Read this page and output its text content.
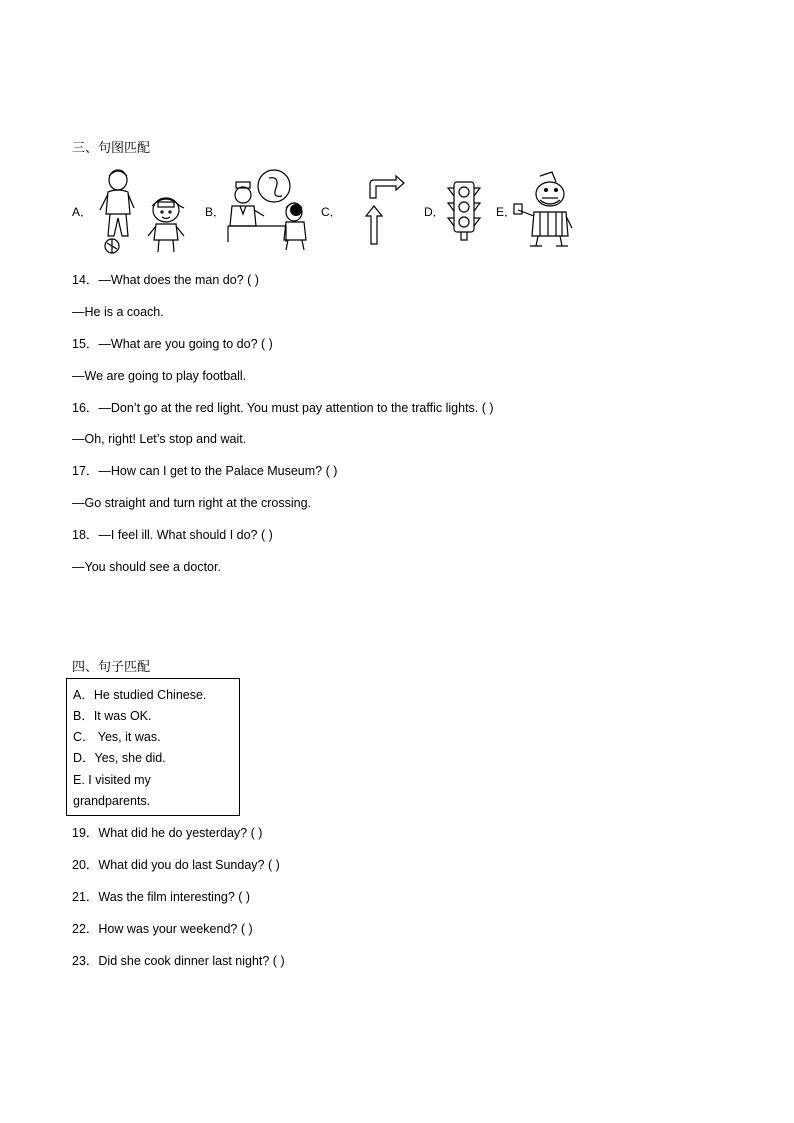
三、句图匹配
A．	B．	C．	D．	E．
14．—What does the man do? ( )
—He is a coach.
15．—What are you going to do? ( )
—We are going to play football.
16．—Don’t go at the red light. You must pay attention to the traffic lights. ( )
—Oh, right! Let’s stop and wait.
17．—How can I get to the Palace Museum? ( )
—Go straight and turn right at the crossing.
18．—I feel ill. What should I do? ( )
—You should see a doctor.
四、句子匹配
A．He studied Chinese.
B．It was OK.
C． Yes, it was.
D．Yes, she did.
E. I visited my
grandparents.
19．What did he do yesterday? ( )
20．What did you do last Sunday? ( )
21．Was the film interesting? ( )
22．How was your weekend? ( )
23．Did she cook dinner last night? ( )
